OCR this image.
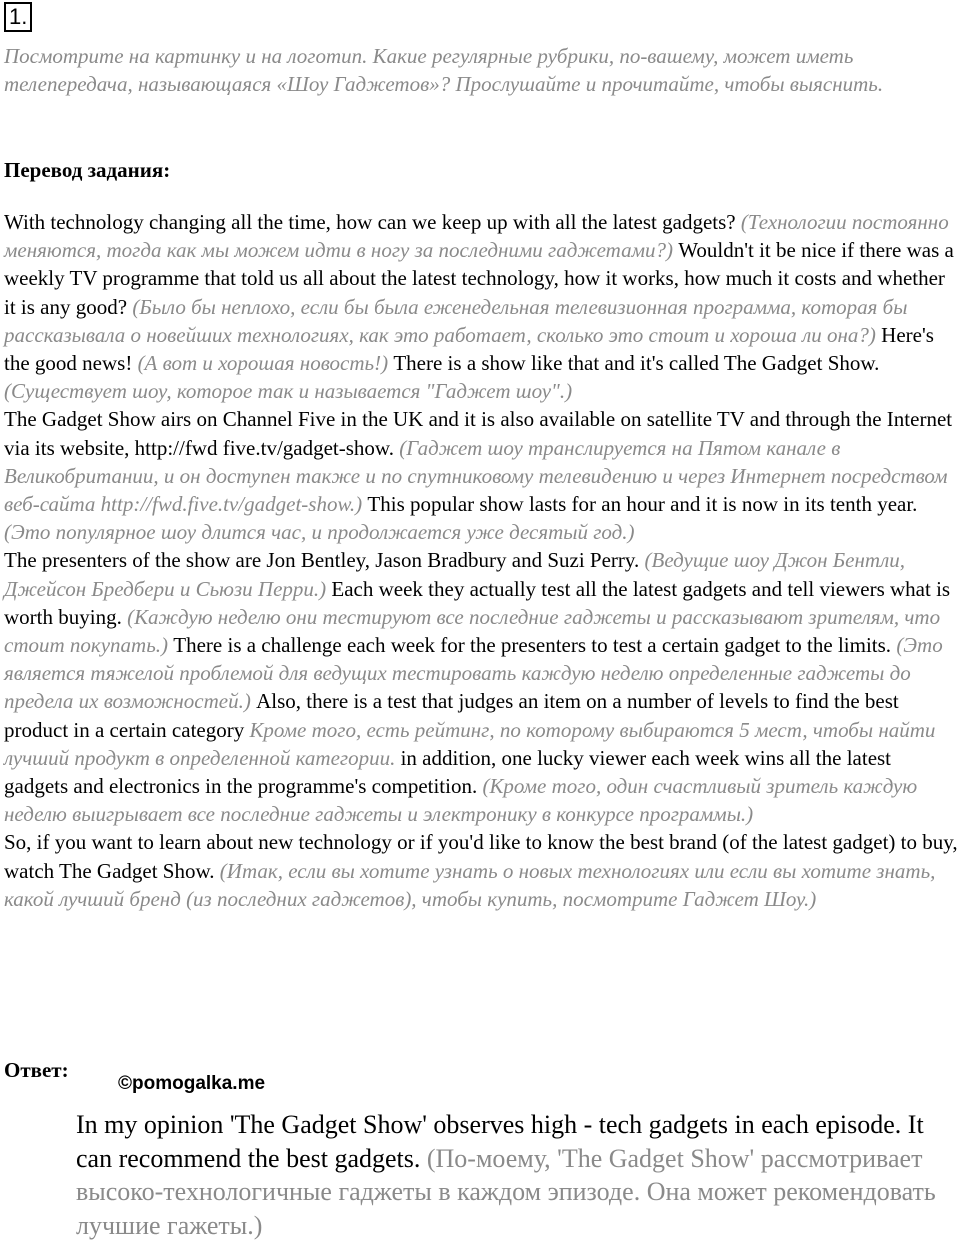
1.

Посмотрите на картинку и на логотип. Какие регулярные рубрики, по-вашему, может иметь телепередача, называющаяся «Шоу Гаджетов»? Прослушайте и прочитайте, чтобы выяснить.

Перевод задания:

With technology changing all the time, how can we keep up with all the latest gadgets? (Технологии постоянно меняются, тогда как мы можем идти в ногу за последними гаджетами?) Wouldn't it be nice if there was a weekly TV programme that told us all about the latest technology, how it works, how much it costs and whether it is any good? (Было бы неплохо, если бы была еженедельная телевизионная программа, которая бы рассказывала о новейших технологиях, как это работает, сколько это стоит и хороша ли она?) Here's the good news! (А вот и хорошая новость!) There is a show like that and it's called The Gadget Show. (Существует шоу, которое так и называется "Гаджет шоу".)

The Gadget Show airs on Channel Five in the UK and it is also available on satellite TV and through the Internet via its website, http://fwd five.tv/gadget-show. (Гаджет шоу транслируется на Пятом канале в Великобритании, и он доступен также и по спутниковому телевидению и через Интернет посредством веб-сайта http://fwd.five.tv/gadget-show.) This popular show lasts for an hour and it is now in its tenth year. (Это популярное шоу длится час, и продолжается уже десятый год.)

The presenters of the show are Jon Bentley, Jason Bradbury and Suzi Perry. (Ведущие шоу Джон Бентли, Джейсон Бредбери и Сьюзи Перри.) Each week they actually test all the latest gadgets and tell viewers what is worth buying. (Каждую неделю они тестируют все последние гаджеты и рассказывают зрителям, что стоит покупать.) There is a challenge each week for the presenters to test a certain gadget to the limits. (Это является тяжелой проблемой для ведущих тестировать каждую неделю определенные гаджеты до предела их возможностей.) Also, there is a test that judges an item on a number of levels to find the best product in a certain category Кроме того, есть рейтинг, по которому выбираются 5 мест, чтобы найти лучший продукт в определенной категории. in addition, one lucky viewer each week wins all the latest gadgets and electronics in the programme's competition. (Кроме того, один счастливый зритель каждую неделю выигрывает все последние гаджеты и электронику в конкурсе программы.)

So, if you want to learn about new technology or if you'd like to know the best brand (of the latest gadget) to buy, watch The Gadget Show. (Итак, если вы хотите узнать о новых технологиях или если вы хотите знать, какой лучший бренд (из последних гаджетов), чтобы купить, посмотрите Гаджет Шоу.)

Ответ:

©pomogalka.me

In my opinion 'The Gadget Show' observes high - tech gadgets in each episode. It can recommend the best gadgets. (По-моему, 'The Gadget Show' рассмотривает высоко-технологичные гаджеты в каждом эпизоде. Она может рекомендовать лучшие гажеты.)
